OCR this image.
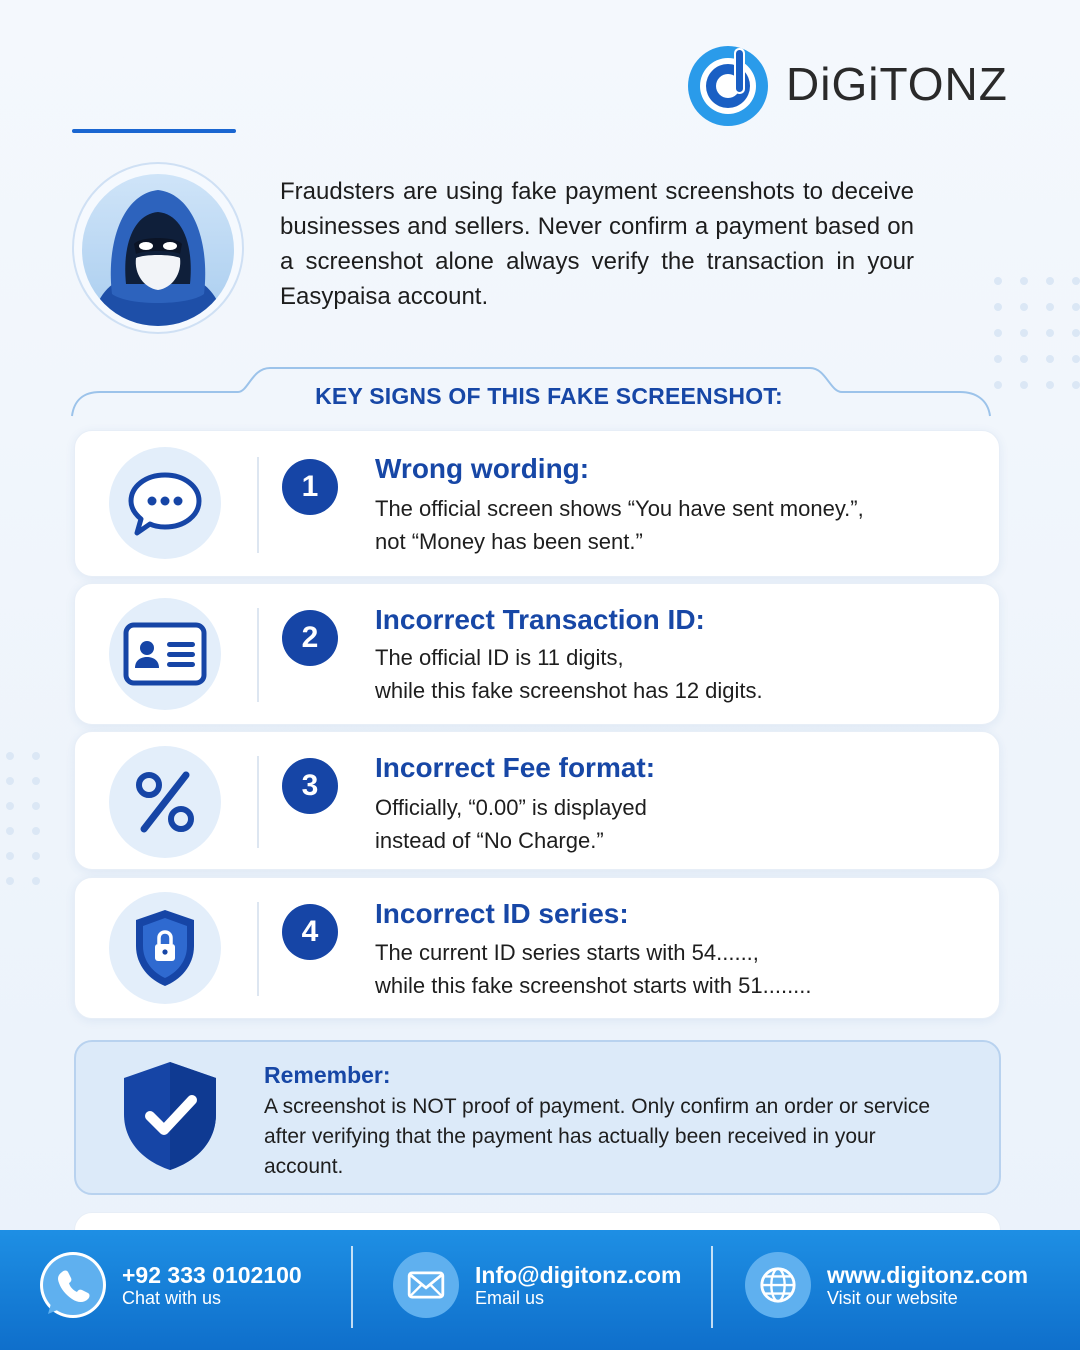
DiGiTONZ

Fraudsters are using fake payment screenshots to deceive businesses and sellers. Never confirm a payment based on a screenshot alone always verify the transaction in your Easypaisa account.

KEY SIGNS OF THIS FAKE SCREENSHOT:
1
Wrong wording:
The official screen shows “You have sent money.”,
not “Money has been sent.”
2
Incorrect Transaction ID:
The official ID is 11 digits,
while this fake screenshot has 12 digits.
3
Incorrect Fee format:
Officially, “0.00” is displayed
instead of “No Charge.”
4
Incorrect ID series:
The current ID series starts with 54......,
while this fake screenshot starts with 51........
Remember:

A screenshot is NOT proof of payment. Only confirm an order or service after verifying that the payment has actually been received in your account.

+92 333 0102100
Chat with us
Info@digitonz.com
Email us
www.digitonz.com
Visit our website
